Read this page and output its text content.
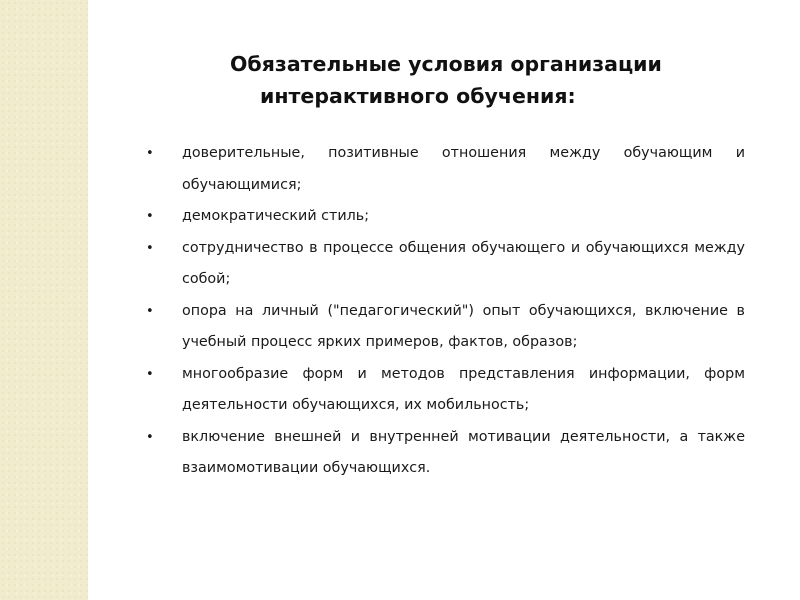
Обязательные условия организации
интерактивного обучения:
• доверительные, позитивные отношения между обучающим и обучающимися;
• демократический стиль;
• сотрудничество в процессе общения обучающего и обучающихся между собой;
• опора на личный ("педагогический") опыт обучающихся, включение в учебный процесс ярких примеров, фактов, образов;
• многообразие форм и методов представления информации, форм деятельности обучающихся, их мобильность;
• включение внешней и внутренней мотивации деятельности, а также взаимомотивации обучающихся.
